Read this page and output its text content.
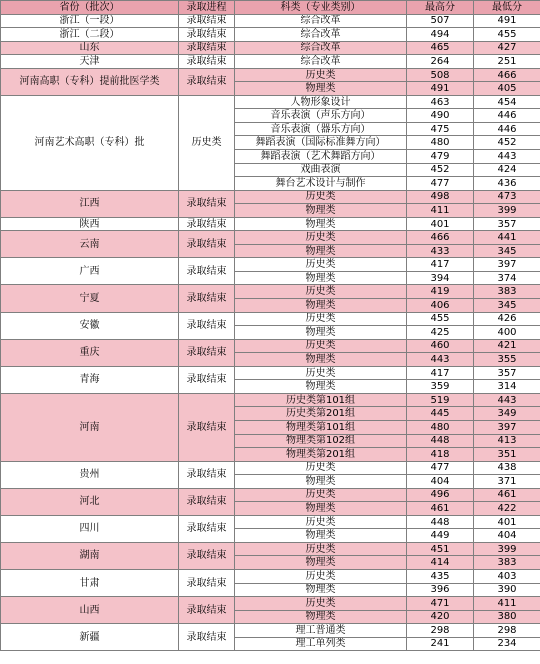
省份（批次）	录取进程	科类（专业类别）	最高分	最低分
浙江（一段）	录取结束	综合改革	507	491
浙江（二段）	录取结束	综合改革	494	455
山东	录取结束	综合改革	465	427
天津	录取结束	综合改革	264	251
河南高职（专科）提前批医学类	录取结束	历史类	508	466
		物理类	491	405
河南艺术高职（专科）批	历史类	人物形象设计	463	454
		音乐表演（声乐方向）	490	446
		音乐表演（器乐方向）	475	446
		舞蹈表演（国际标准舞方向）	480	452
		舞蹈表演（艺术舞蹈方向）	479	443
		戏曲表演	452	424
		舞台艺术设计与制作	477	436
江西	录取结束	历史类	498	473
		物理类	411	399
陕西	录取结束	物理类	401	357
云南	录取结束	历史类	466	441
		物理类	433	345
广西	录取结束	历史类	417	397
		物理类	394	374
宁夏	录取结束	历史类	419	383
		物理类	406	345
安徽	录取结束	历史类	455	426
		物理类	425	400
重庆	录取结束	历史类	460	421
		物理类	443	355
青海	录取结束	历史类	417	357
		物理类	359	314
河南	录取结束	历史类第101组	519	443
		历史类第201组	445	349
		物理类第101组	480	397
		物理类第102组	448	413
		物理类第201组	418	351
贵州	录取结束	历史类	477	438
		物理类	404	371
河北	录取结束	历史类	496	461
		物理类	461	422
四川	录取结束	历史类	448	401
		物理类	449	404
湖南	录取结束	历史类	451	399
		物理类	414	383
甘肃	录取结束	历史类	435	403
		物理类	396	390
山西	录取结束	历史类	471	411
		物理类	420	380
新疆	录取结束	理工普通类	298	298
		理工单列类	241	234
